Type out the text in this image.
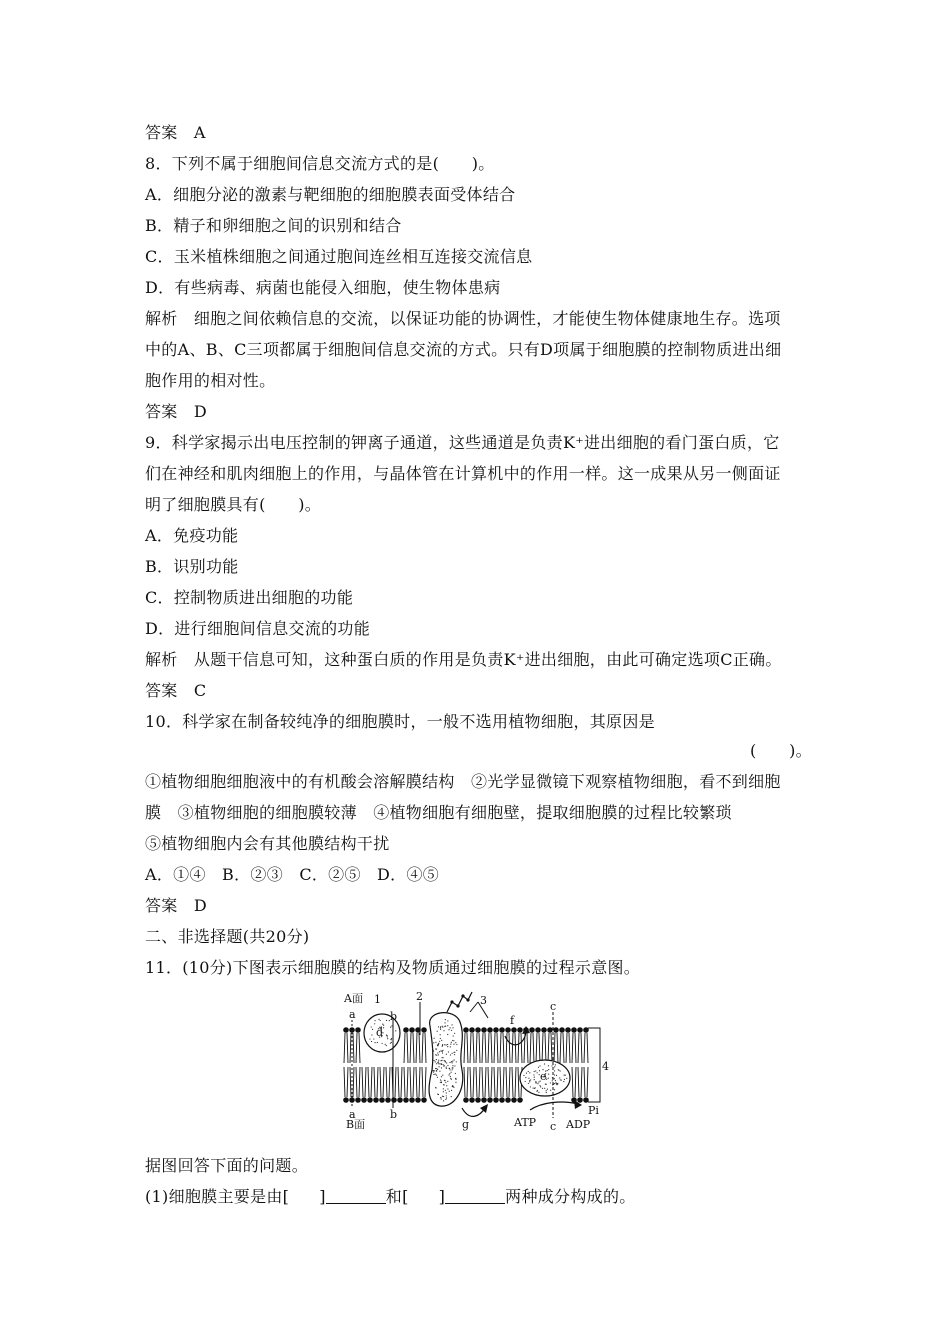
答案　A
8．下列不属于细胞间信息交流方式的是(　　)。
A．细胞分泌的激素与靶细胞的细胞膜表面受体结合
B．精子和卵细胞之间的识别和结合
C．玉米植株细胞之间通过胞间连丝相互连接交流信息
D．有些病毒、病菌也能侵入细胞，使生物体患病
解析　细胞之间依赖信息的交流，以保证功能的协调性，才能使生物体健康地生存。选项
中的A、B、C三项都属于细胞间信息交流的方式。只有D项属于细胞膜的控制物质进出细
胞作用的相对性。
答案　D
9．科学家揭示出电压控制的钾离子通道，这些通道是负责K⁺进出细胞的看门蛋白质，它
们在神经和肌肉细胞上的作用，与晶体管在计算机中的作用一样。这一成果从另一侧面证
明了细胞膜具有(　　)。
A．免疫功能
B．识别功能
C．控制物质进出细胞的功能
D．进行细胞间信息交流的功能
解析　从题干信息可知，这种蛋白质的作用是负责K⁺进出细胞，由此可确定选项C正确。
答案　C
10．科学家在制备较纯净的细胞膜时，一般不选用植物细胞，其原因是
(　　)。
①植物细胞细胞液中的有机酸会溶解膜结构　②光学显微镜下观察植物细胞，看不到细胞
膜　③植物细胞的细胞膜较薄　④植物细胞有细胞壁，提取细胞膜的过程比较繁琐
⑤植物细胞内会有其他膜结构干扰
A．①④　B．②③　C．②⑤　D．④⑤
答案　D
二、非选择题(共20分)
11．(10分)下图表示细胞膜的结构及物质通过细胞膜的过程示意图。
A面
B面
1	2	3
4
a
a
b
b
c
c
d
e
f
g	ATP	ADP
Pi
据图回答下面的问题。
(1)细胞膜主要是由[ ]	和[ ]	两种成分构成的。
